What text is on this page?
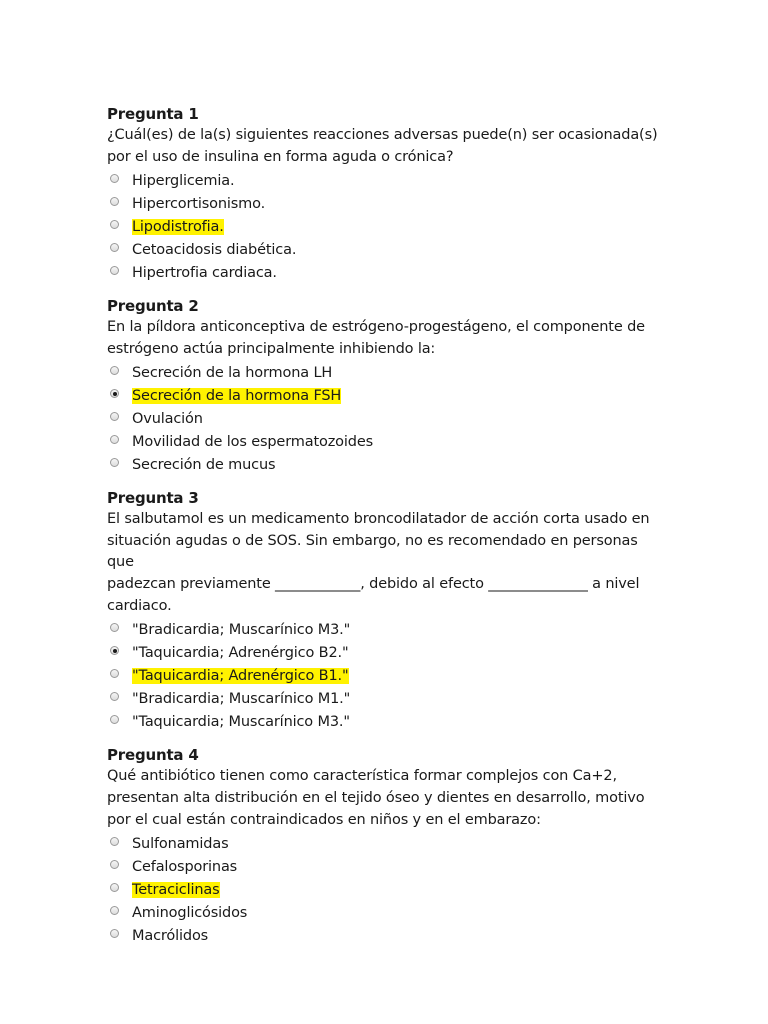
Pregunta 1
¿Cuál(es) de la(s) siguientes reacciones adversas puede(n) ser ocasionada(s)
por el uso de insulina en forma aguda o crónica?
Hiperglicemia.
Hipercortisonismo.
Lipodistrofia.
Cetoacidosis diabética.
Hipertrofia cardiaca.
Pregunta 2
En la píldora anticonceptiva de estrógeno-progestágeno, el componente de
estrógeno actúa principalmente inhibiendo la:
Secreción de la hormona LH
Secreción de la hormona FSH
Ovulación
Movilidad de los espermatozoides
Secreción de mucus
Pregunta 3
El salbutamol es un medicamento broncodilatador de acción corta usado en
situación agudas o de SOS. Sin embargo, no es recomendado en personas que
padezcan previamente ____________, debido al efecto ______________ a nivel
cardiaco.
"Bradicardia; Muscarínico M3."
"Taquicardia; Adrenérgico B2."
"Taquicardia; Adrenérgico B1."
"Bradicardia; Muscarínico M1."
"Taquicardia; Muscarínico M3."
Pregunta 4
Qué antibiótico tienen como característica formar complejos con Ca+2,
presentan alta distribución en el tejido óseo y dientes en desarrollo, motivo
por el cual están contraindicados en niños y en el embarazo:
Sulfonamidas
Cefalosporinas
Tetraciclinas
Aminoglicósidos
Macrólidos
